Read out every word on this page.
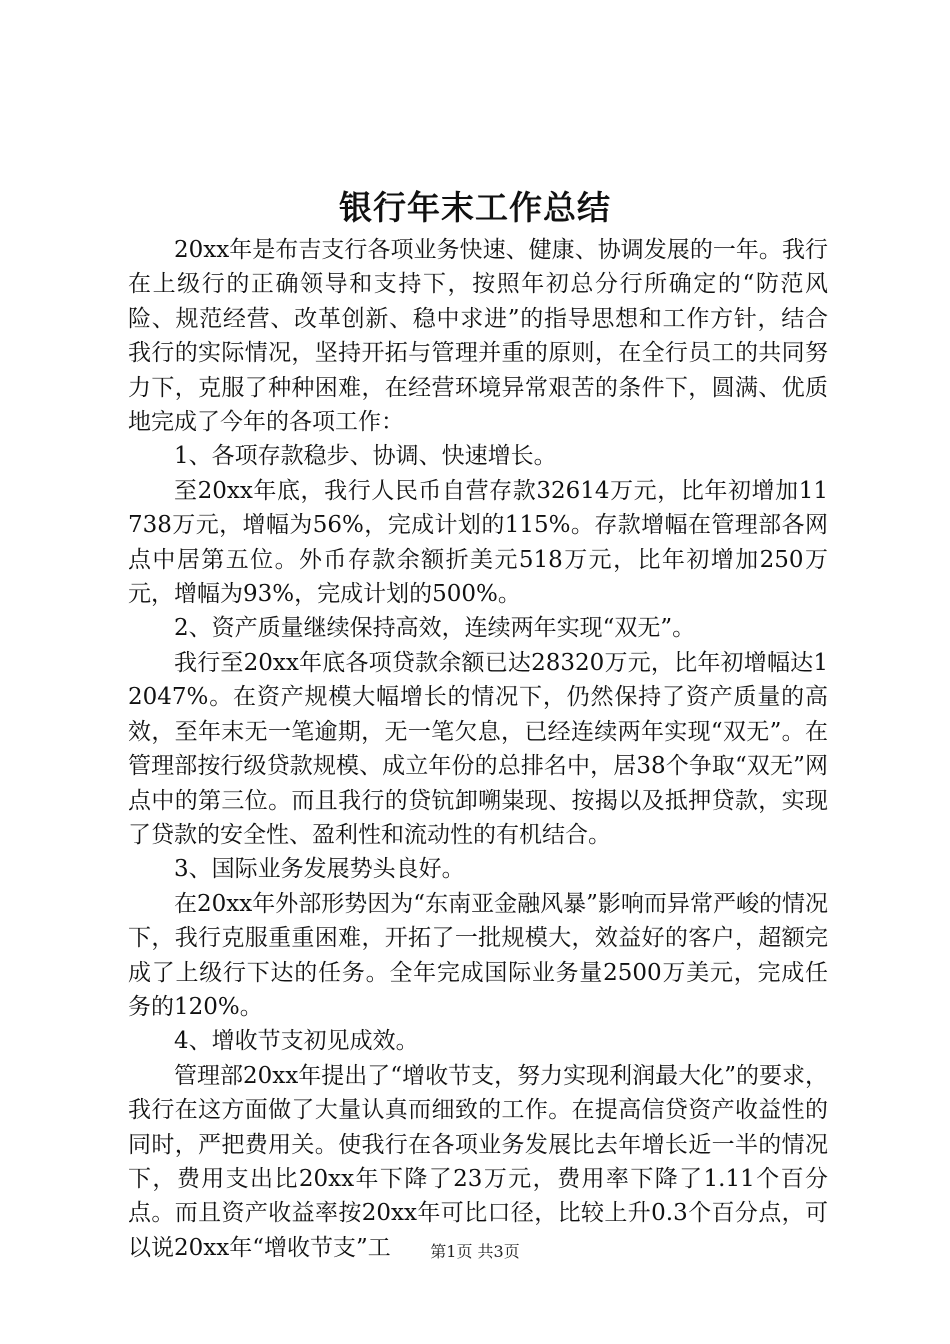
银行年末工作总结

20xx年是布吉支行各项业务快速、健康、协调发展的一年。我行在上级行的正确领导和支持下，按照年初总分行所确定的“防范风险、规范经营、改革创新、稳中求进”的指导思想和工作方针，结合我行的实际情况，坚持开拓与管理并重的原则，在全行员工的共同努力下，克服了种种困难，在经营环境异常艰苦的条件下，圆满、优质地完成了今年的各项工作：

1、各项存款稳步、协调、快速增长。

至20xx年底，我行人民币自营存款32614万元，比年初增加11738万元，增幅为56%，完成计划的115%。存款增幅在管理部各网点中居第五位。外币存款余额折美元518万元，比年初增加250万元，增幅为93%，完成计划的500%。

2、资产质量继续保持高效，连续两年实现“双无”。

我行至20xx年底各项贷款余额已达28320万元，比年初增幅达12047%。在资产规模大幅增长的情况下，仍然保持了资产质量的高效，至年末无一笔逾期，无一笔欠息，已经连续两年实现“双无”。在管理部按行级贷款规模、成立年份的总排名中，居38个争取“双无”网点中的第三位。而且我行的贷钪卸嗍粜现、按揭以及抵押贷款，实现了贷款的安全性、盈利性和流动性的有机结合。

3、国际业务发展势头良好。

在20xx年外部形势因为“东南亚金融风暴”影响而异常严峻的情况下，我行克服重重困难，开拓了一批规模大，效益好的客户，超额完成了上级行下达的任务。全年完成国际业务量2500万美元，完成任务的120%。

4、增收节支初见成效。

管理部20xx年提出了“增收节支，努力实现利润最大化”的要求，我行在这方面做了大量认真而细致的工作。在提高信贷资产收益性的同时，严把费用关。使我行在各项业务发展比去年增长近一半的情况下，费用支出比20xx年下降了23万元，费用率下降了1.11个百分点。而且资产收益率按20xx年可比口径，比较上升0.3个百分点，可以说20xx年“增收节支”工	第1页 共3页
